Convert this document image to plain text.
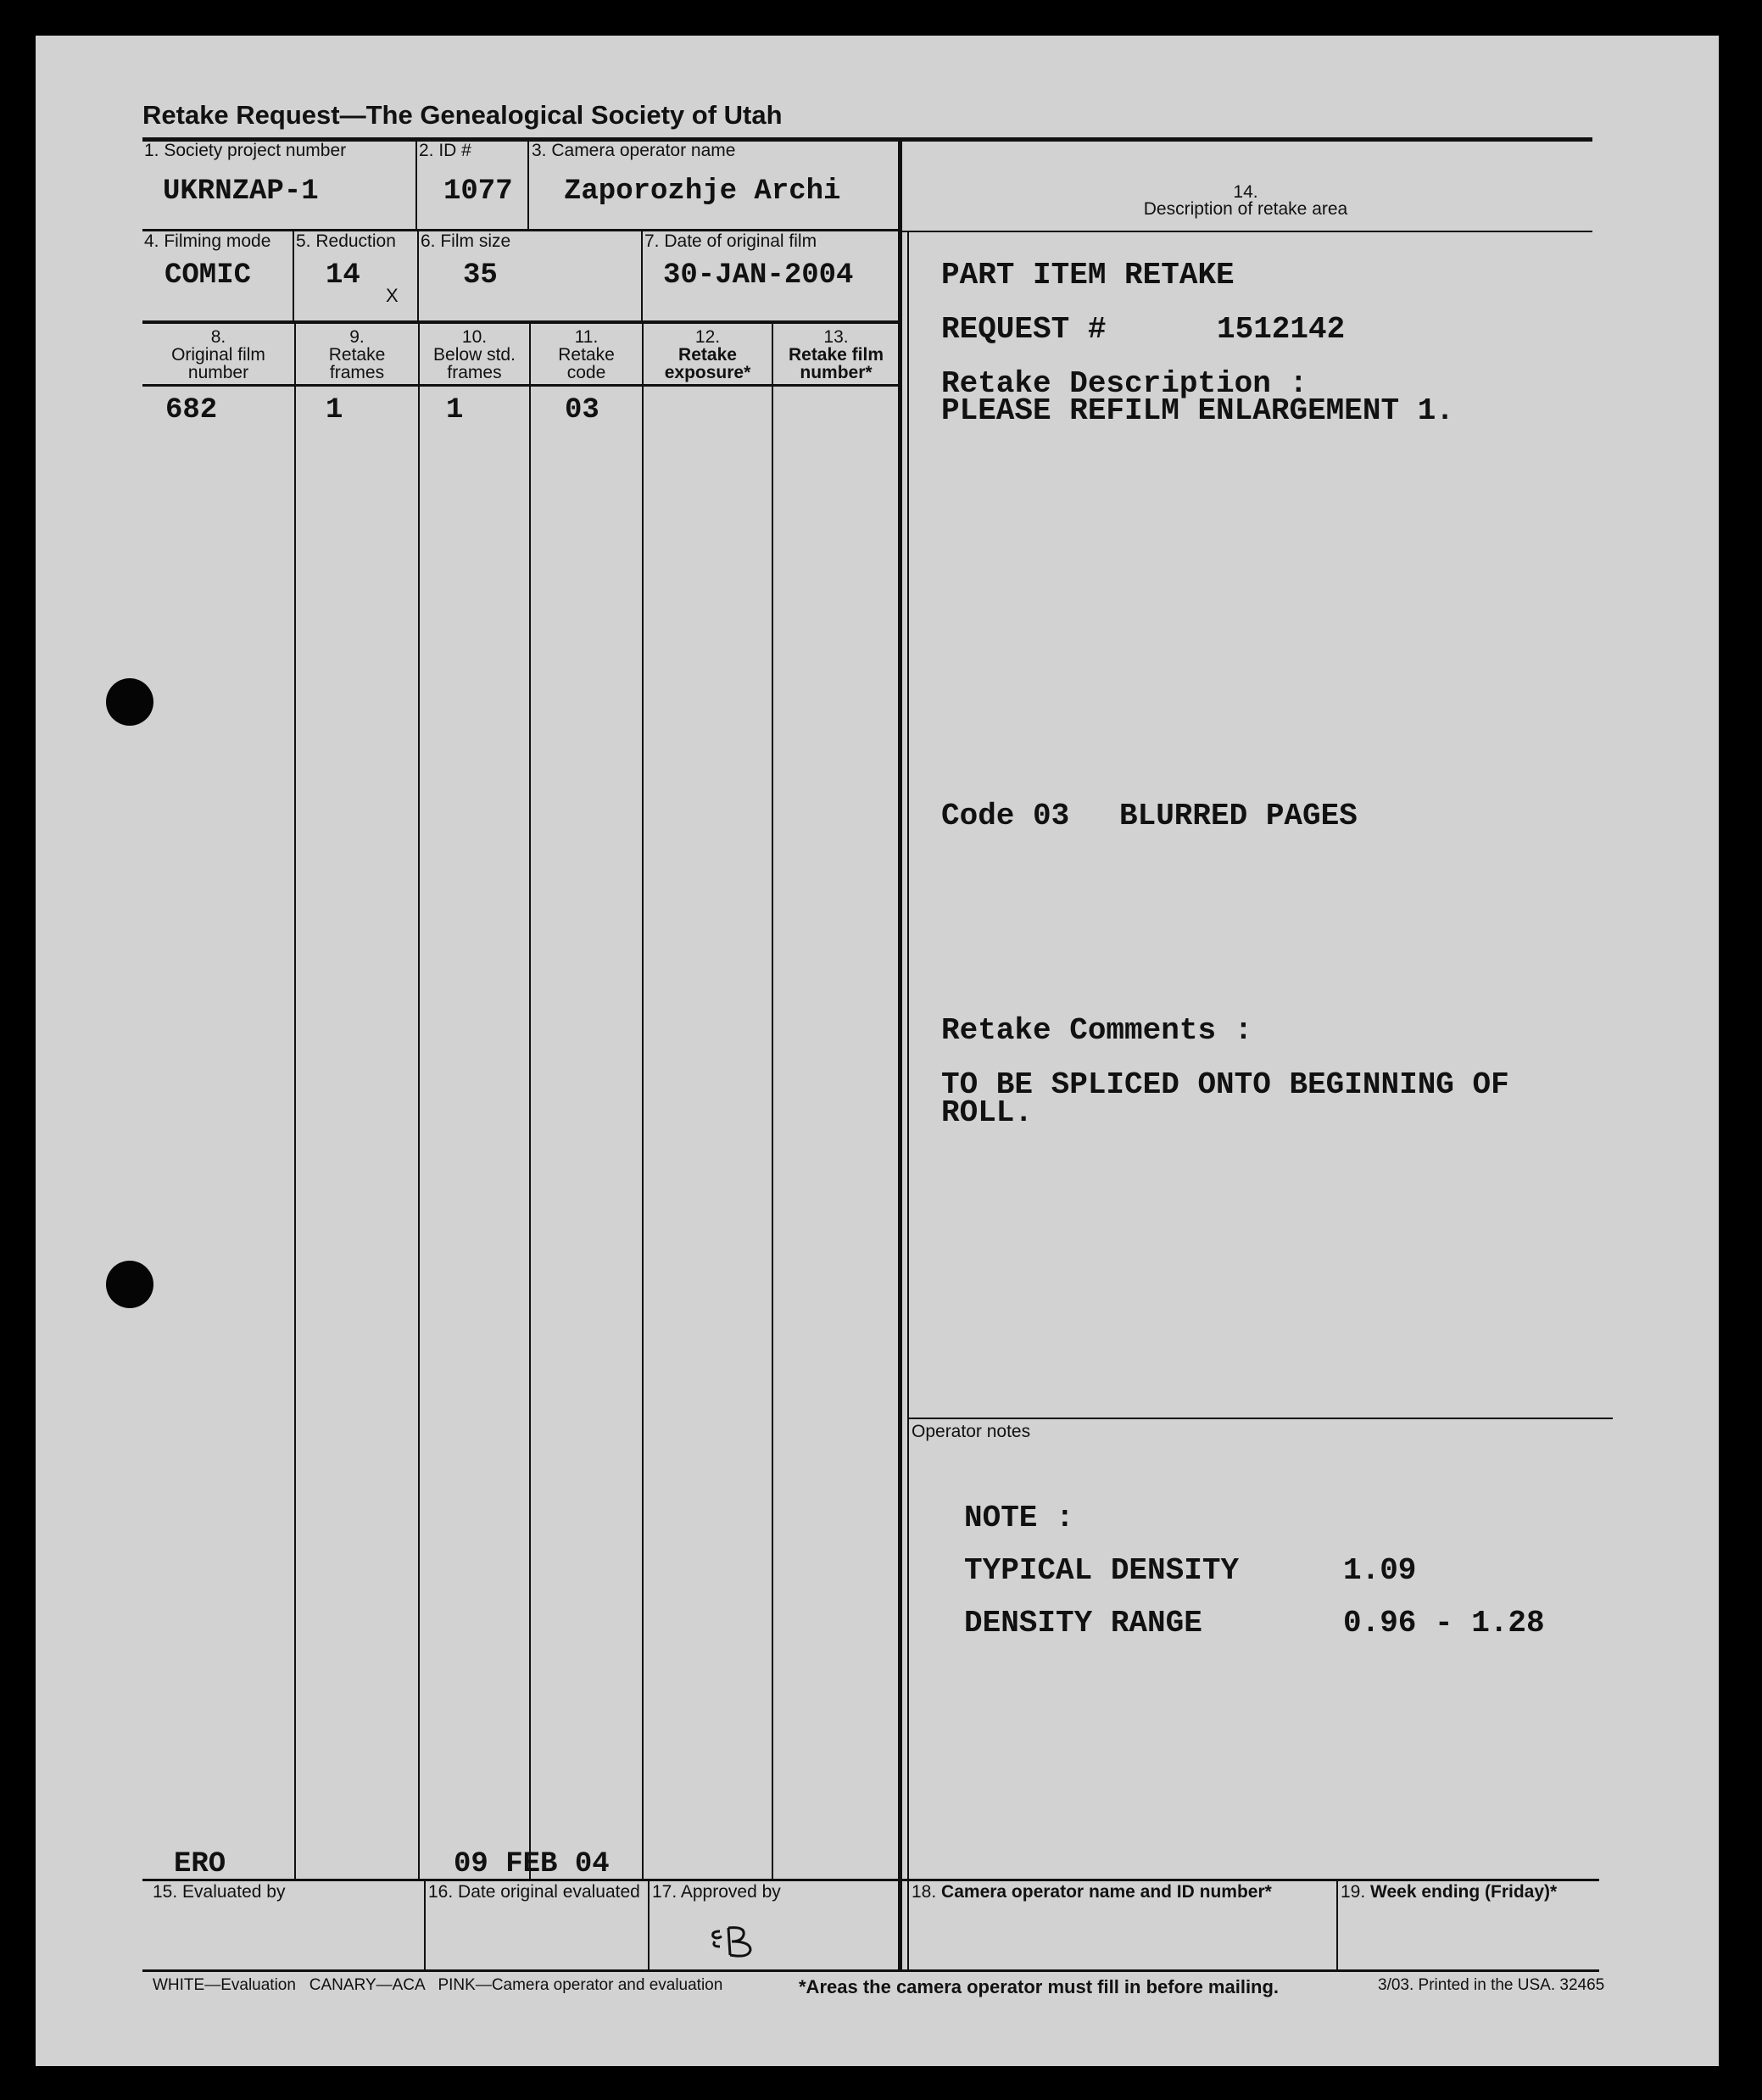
Retake Request—The Genealogical Society of Utah
1. Society project number
UKRNZAP-1
2. ID #
1077
3. Camera operator name
Zaporozhje Archi	14.
Description of retake area
4. Filming mode
COMIC
5. Reduction
14
X
6. Film size
35
7. Date of original film
30-JAN-2004
8.
Original film
number
9.
Retake
frames
10.
Below std.
frames
11.
Retake
code
12.
Retake
exposure*
13.
Retake film
number*
682	1	1	03
PART ITEM RETAKE
REQUEST #	1512142
Retake Description :
PLEASE REFILM ENLARGEMENT 1.
Code 03 BLURRED PAGES
Retake Comments :
TO BE SPLICED ONTO BEGINNING OF
ROLL.
Operator notes
NOTE :
TYPICAL DENSITY	1.09
DENSITY RANGE	0.96 - 1.28
ERO	09 FEB 04
15. Evaluated by	16. Date original evaluated 17. Approved by	18. Camera operator name and ID number*	19. Week ending (Friday)*
WHITE—Evaluation   CANARY—ACA   PINK—Camera operator and evaluation	*Areas the camera operator must fill in before mailing.	3/03. Printed in the USA. 32465
